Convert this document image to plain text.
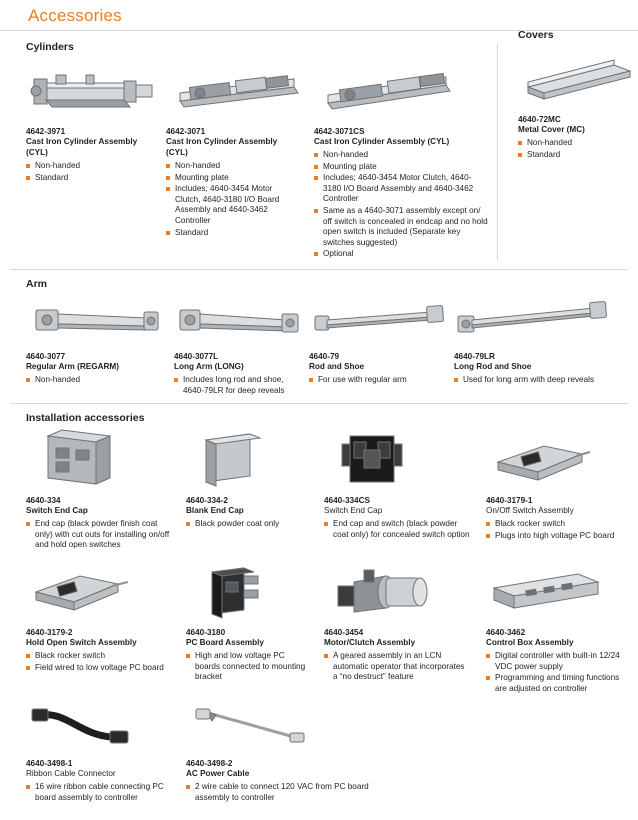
Accessories
Cylinders
4642-3971
Cast Iron Cylinder Assembly (CYL)
Non-handed
Standard
4642-3071
Cast Iron Cylinder Assembly (CYL)
Non-handed
Mounting plate
Includes; 4640-3454 Motor Clutch, 4640-3180 I/O Board Assembly and 4640-3462 Controller
Standard
4642-3071CS
Cast Iron Cylinder Assembly (CYL)
Non-handed
Mounting plate
Includes; 4640-3454 Motor Clutch, 4640-3180 I/O Board Assembly and 4640-3462 Controller
Same as a 4640-3071 assembly except on/ off switch is concealed in endcap and no hold open switch is included (Separate key switches suggested)
Optional
Covers
4640-72MC
Metal Cover (MC)
Non-handed
Standard
Arm
4640-3077
Regular Arm (REGARM)
Non-handed
4640-3077L
Long Arm (LONG)
Includes long rod and shoe, 4640-79LR for deep reveals
4640-79
Rod and Shoe
For use with regular arm
4640-79LR
Long Rod and Shoe
Used for long arm with deep reveals
Installation accessories
4640-334
Switch End Cap
End cap (black powder finish coat only) with cut outs for installing on/off and hold open switches
4640-334-2
Blank End Cap
Black powder coat only
4640-334CS
Switch End Cap
End cap and switch (black powder coat only) for concealed switch option
4640-3179-1
On/Off Switch Assembly
Black rocker switch
Plugs into high voltage PC board
4640-3179-2
Hold Open Switch Assembly
Black rocker switch
Field wired to low voltage PC board
4640-3180
PC Board Assembly
High and low voltage PC boards connected to mounting bracket
4640-3454
Motor/Clutch Assembly
A geared assembly in an LCN automatic operator that incorporates a “no destruct” feature
4640-3462
Control Box Assembly
Digital controller with built-in 12/24 VDC power supply
Programming and timing functions are adjusted on controller
4640-3498-1
Ribbon Cable Connector
16 wire ribbon cable connecting PC board assembly to controller
4640-3498-2
AC Power Cable
2 wire cable to connect 120 VAC from PC board assembly to controller
